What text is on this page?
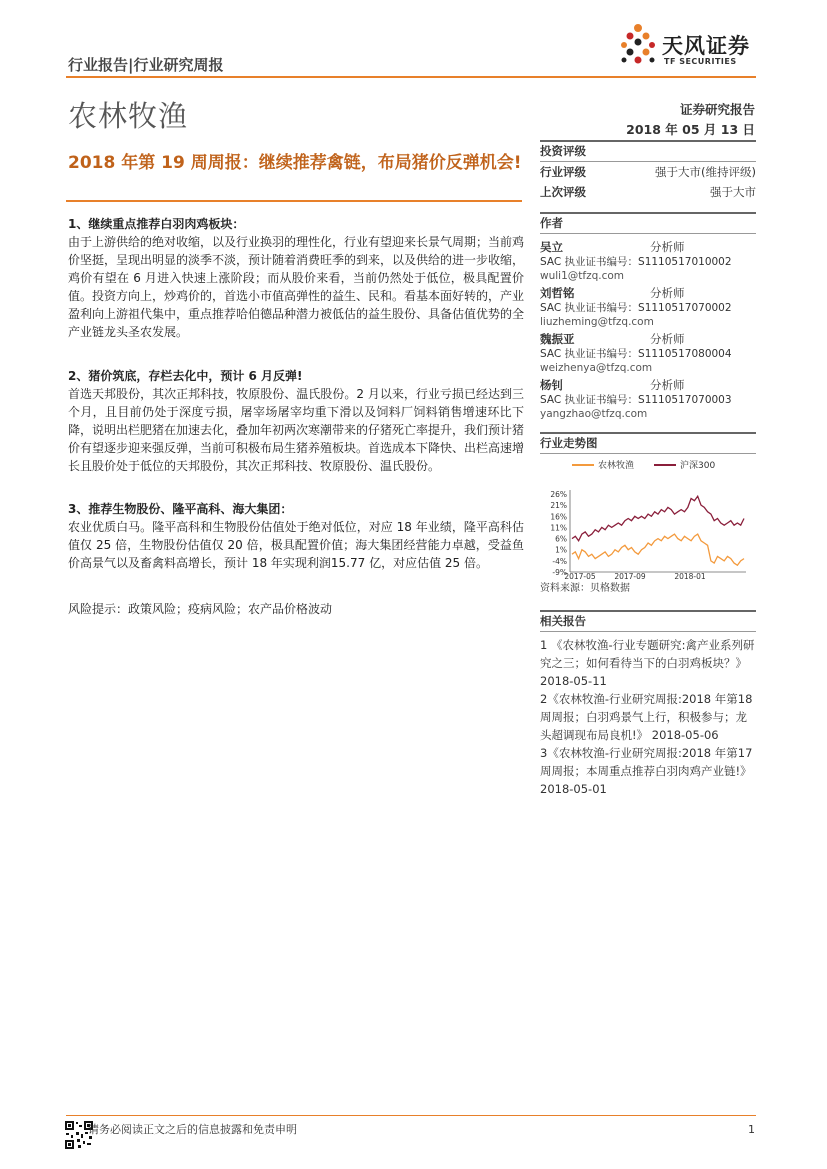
行业报告|行业研究周报
天风证券
TF SECURITIES
农林牧渔	证券研究报告
2018 年 05 月 13 日
2018 年第 19 周周报：继续推荐禽链，布局猪价反弹机会!

1、继续重点推荐白羽肉鸡板块：

由于上游供给的绝对收缩，以及行业换羽的理性化，行业有望迎来长景气周期；当前鸡价坚挺，呈现出明显的淡季不淡，预计随着消费旺季的到来，以及供给的进一步收缩，鸡价有望在 6 月进入快速上涨阶段；而从股价来看，当前仍然处于低位，极具配置价值。投资方向上，炒鸡价的，首选小市值高弹性的益生、民和。看基本面好转的，产业盈利向上游祖代集中，重点推荐哈伯德品种潜力被低估的益生股份、具备估值优势的全产业链龙头圣农发展。

2、猪价筑底，存栏去化中，预计 6 月反弹!

首选天邦股份，其次正邦科技，牧原股份、温氏股份。2 月以来，行业亏损已经达到三个月，且目前仍处于深度亏损，屠宰场屠宰均重下滑以及饲料厂饲料销售增速环比下降，说明出栏肥猪在加速去化，叠加年初两次寒潮带来的仔猪死亡率提升，我们预计猪价有望逐步迎来强反弹，当前可积极布局生猪养殖板块。首选成本下降快、出栏高速增长且股价处于低位的天邦股份，其次正邦科技、牧原股份、温氏股份。

3、推荐生物股份、隆平高科、海大集团：

农业优质白马。隆平高科和生物股份估值处于绝对低位，对应 18 年业绩，隆平高科估值仅 25 倍，生物股份估值仅 20 倍，极具配置价值；海大集团经营能力卓越，受益鱼价高景气以及畜禽料高增长，预计 18 年实现利润15.77 亿，对应估值 25 倍。

风险提示：政策风险；疫病风险；农产品价格波动
投资评级
行业评级	强于大市(维持评级)
上次评级	强于大市
作者
吴立	分析师
SAC 执业证书编号：S1110517010002
wuli1@tfzq.com
刘哲铭	分析师
SAC 执业证书编号：S1110517070002
liuzheming@tfzq.com
魏振亚	分析师
SAC 执业证书编号：S1110517080004
weizhenya@tfzq.com
杨钊	分析师
SAC 执业证书编号：S1110517070003
yangzhao@tfzq.com
行业走势图
农林牧渔	沪深300
26%
21%
16%
11%
6%
1%
-4%
-9%
2017-05 2017-09	2018-01
资料来源：贝格数据
相关报告

1 《农林牧渔-行业专题研究:禽产业系列研究之三；如何看待当下的白羽鸡板块？》 2018-05-11

2《农林牧渔-行业研究周报:2018 年第18 周周报；白羽鸡景气上行，积极参与；龙头超调现布局良机!》 2018-05-06

3《农林牧渔-行业研究周报:2018 年第17 周周报；本周重点推荐白羽肉鸡产业链!》 2018-05-01

请务必阅读正文之后的信息披露和免责申明	1
